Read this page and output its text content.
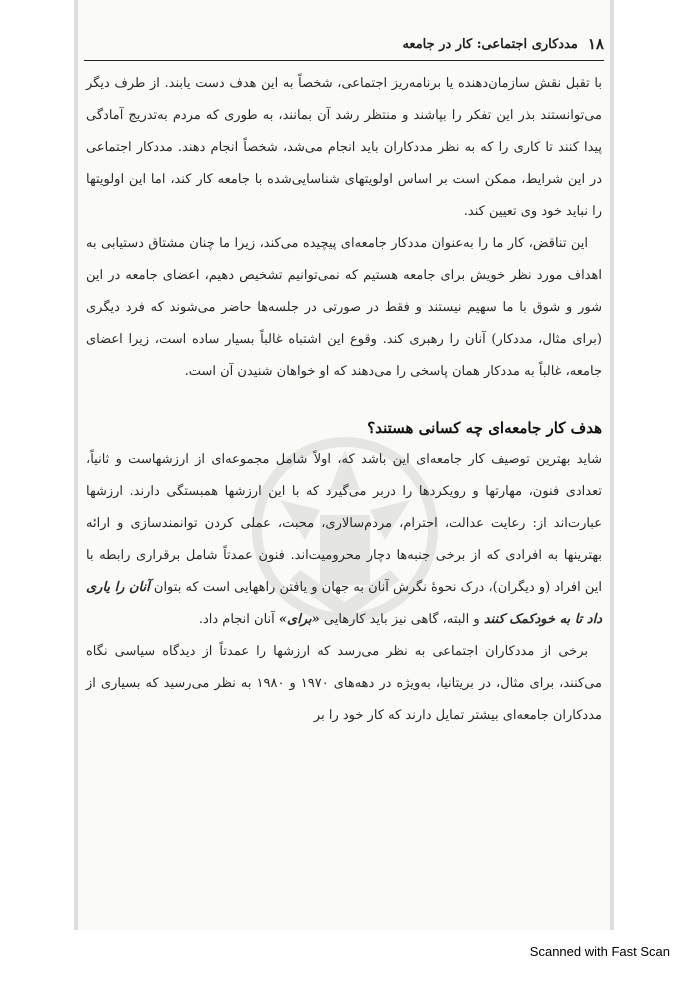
۱۸
مددکاری اجتماعی: کار در جامعه

با تقبل نقش سازمان‌دهنده یا برنامه‌ریز اجتماعی، شخصاً به این هدف دست یابند. از طرف دیگر می‌توانستند بذر این تفکر را بپاشند و منتظر رشد آن بمانند، به طوری که مردم به‌تدریج آمادگی پیدا کنند تا کاری را که به نظر مددکاران باید انجام می‌شد، شخصاً انجام دهند. مددکار اجتماعی در این شرایط، ممکن است بر اساس اولویتهای شناسایی‌شده با جامعه کار کند، اما این اولویتها را نباید خود وی تعیین کند.

این تناقض، کار ما را به‌عنوان مددکار جامعه‌ای پیچیده می‌کند، زیرا ما چنان مشتاق دستیابی به اهداف مورد نظر خویش برای جامعه هستیم که نمی‌توانیم تشخیص دهیم، اعضای جامعه در این شور و شوق با ما سهیم نیستند و فقط در صورتی در جلسه‌ها حاضر می‌شوند که فرد دیگری (برای مثال، مددکار) آنان را رهبری کند. وقوع این اشتباه غالباً بسیار ساده است، زیرا اعضای جامعه، غالباً به مددکار همان پاسخی را می‌دهند که او خواهان شنیدن آن است.

هدف کار جامعه‌ای چه کسانی هستند؟

شاید بهترین توصیف کار جامعه‌ای این باشد که، اولاً شامل مجموعه‌ای از ارزشهاست و ثانیاً، تعدادی فنون، مهارتها و رویکردها را دربر می‌گیرد که با این ارزشها همبستگی دارند. ارزشها عبارت‌اند از: رعایت عدالت، احترام، مردم‌سالاری، محبت، عملی کردن توانمندسازی و ارائه بهترینها به افرادی که از برخی جنبه‌ها دچار محرومیت‌اند. فنون عمدتاً شامل برقراری رابطه با این افراد (و دیگران)، درک نحوهٔ نگرش آنان به جهان و یافتن راههایی است که بتوان آنان را یاری داد تا به خودکمک کنند و البته، گاهی نیز باید کارهایی «برای» آنان انجام داد.

برخی از مددکاران اجتماعی به نظر می‌رسد که ارزشها را عمدتاً از دیدگاه سیاسی نگاه می‌کنند، برای مثال، در بریتانیا، به‌ویژه در دهه‌های ۱۹۷۰ و ۱۹۸۰ به نظر می‌رسید که بسیاری از مددکاران جامعه‌ای بیشتر تمایل دارند که کار خود را بر

Scanned with Fast Scan
